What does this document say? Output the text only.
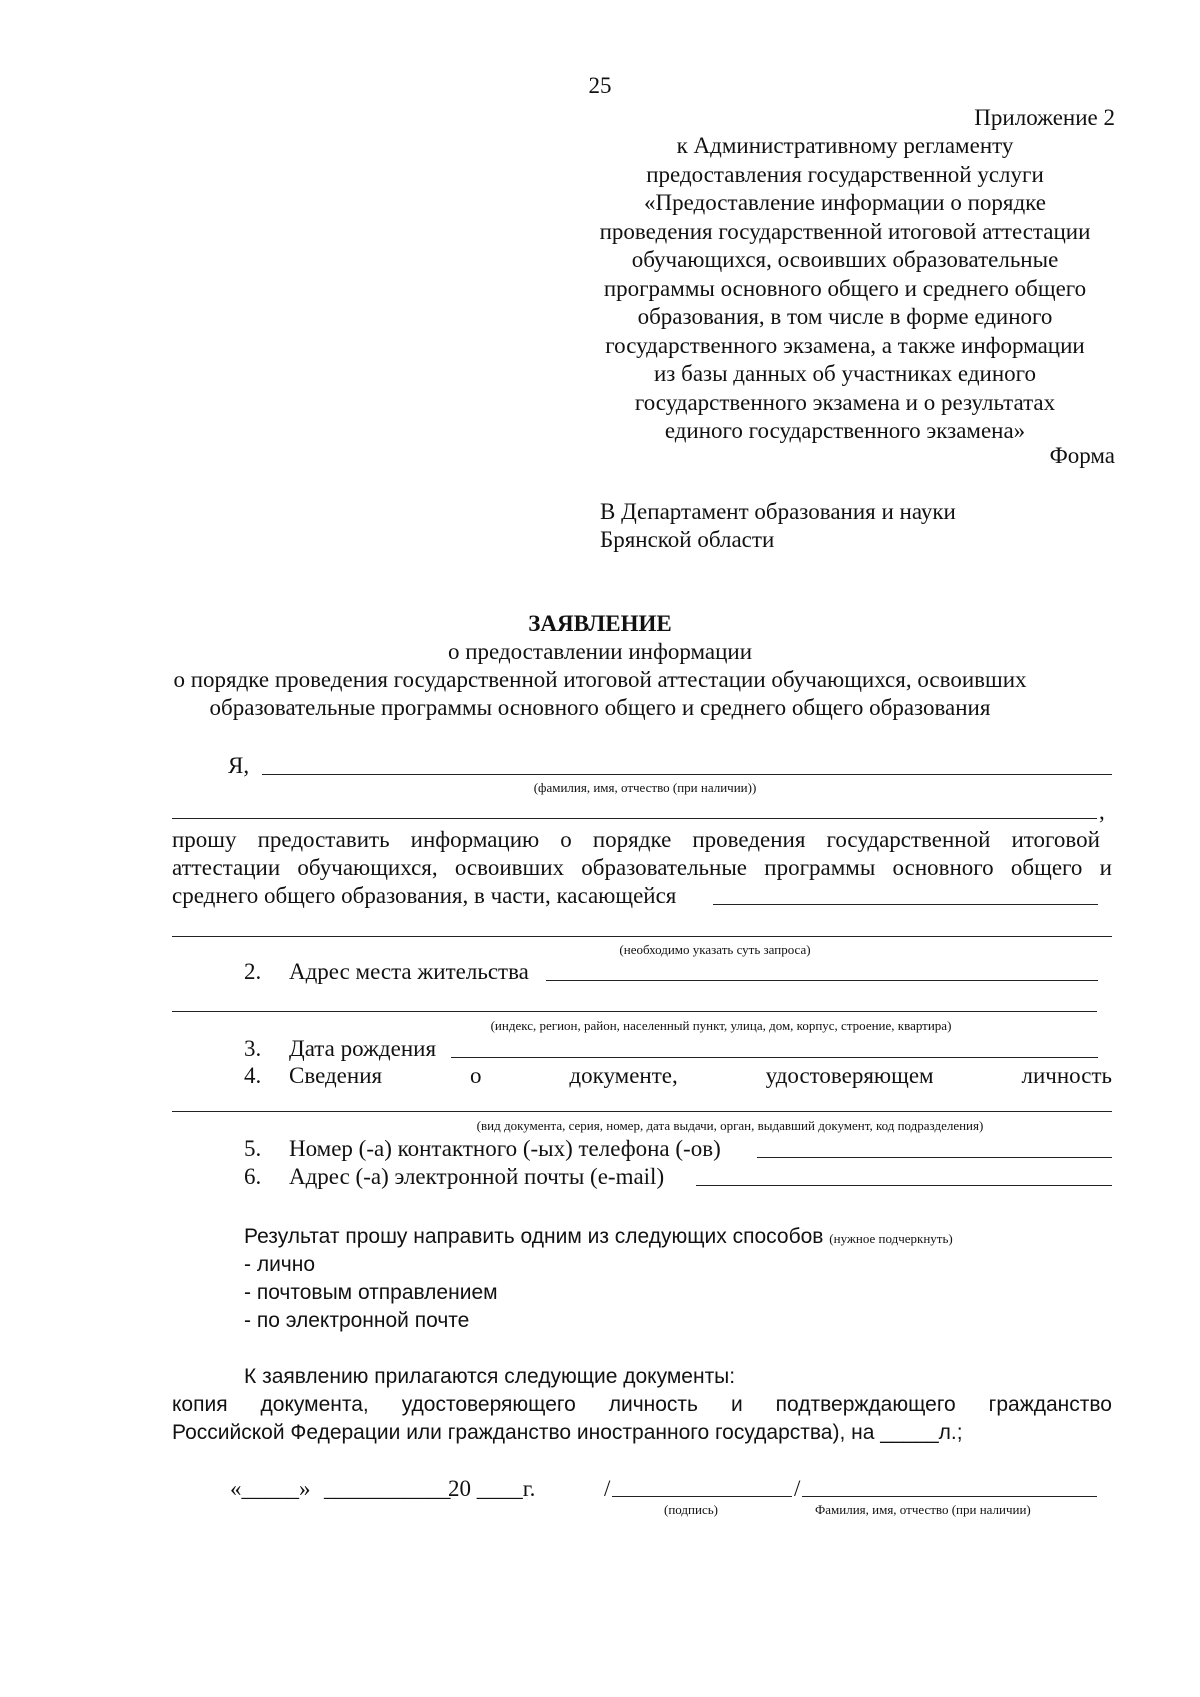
25
Приложение 2
к Административному регламенту
предоставления государственной услуги
«Предоставление информации о порядке
проведения государственной итоговой аттестации
обучающихся, освоивших образовательные
программы основного общего и среднего общего
образования, в том числе в форме единого
государственного экзамена, а также информации
из базы данных об участниках единого
государственного экзамена и о результатах
единого государственного экзамена»
Форма
В Департамент образования и науки
Брянской области
ЗАЯВЛЕНИЕ
о предоставлении информации
о порядке проведения государственной итоговой аттестации обучающихся, освоивших
образовательные программы основного общего и среднего общего образования
Я,
(фамилия, имя, отчество (при наличии))
,
прошу предоставить информацию о порядке проведения государственной итоговой
аттестации обучающихся, освоивших образовательные программы основного общего и
среднего общего образования, в части, касающейся
(необходимо указать суть запроса)
2. Адрес места жительства
(индекс, регион, район, населенный пункт, улица, дом, корпус, строение, квартира)
3. Дата рождения
4. Сведения	о	документе,	удостоверяющем	личность
(вид документа, серия, номер, дата выдачи, орган, выдавший документ, код подразделения)
5. Номер (-а) контактного (-ых) телефона (-ов)
6. Адрес (-а) электронной почты (e-mail)
Результат прошу направить одним из следующих способов (нужное подчеркнуть)
- лично
- почтовым отправлением
- по электронной почте
К заявлению прилагаются следующие документы:
копия документа, удостоверяющего личность и подтверждающего гражданство
Российской Федерации или гражданство иностранного государства), на _____л.;
«_____» ___________
20 ____г.	/	/
(подпись)	Фамилия, имя, отчество (при наличии)
